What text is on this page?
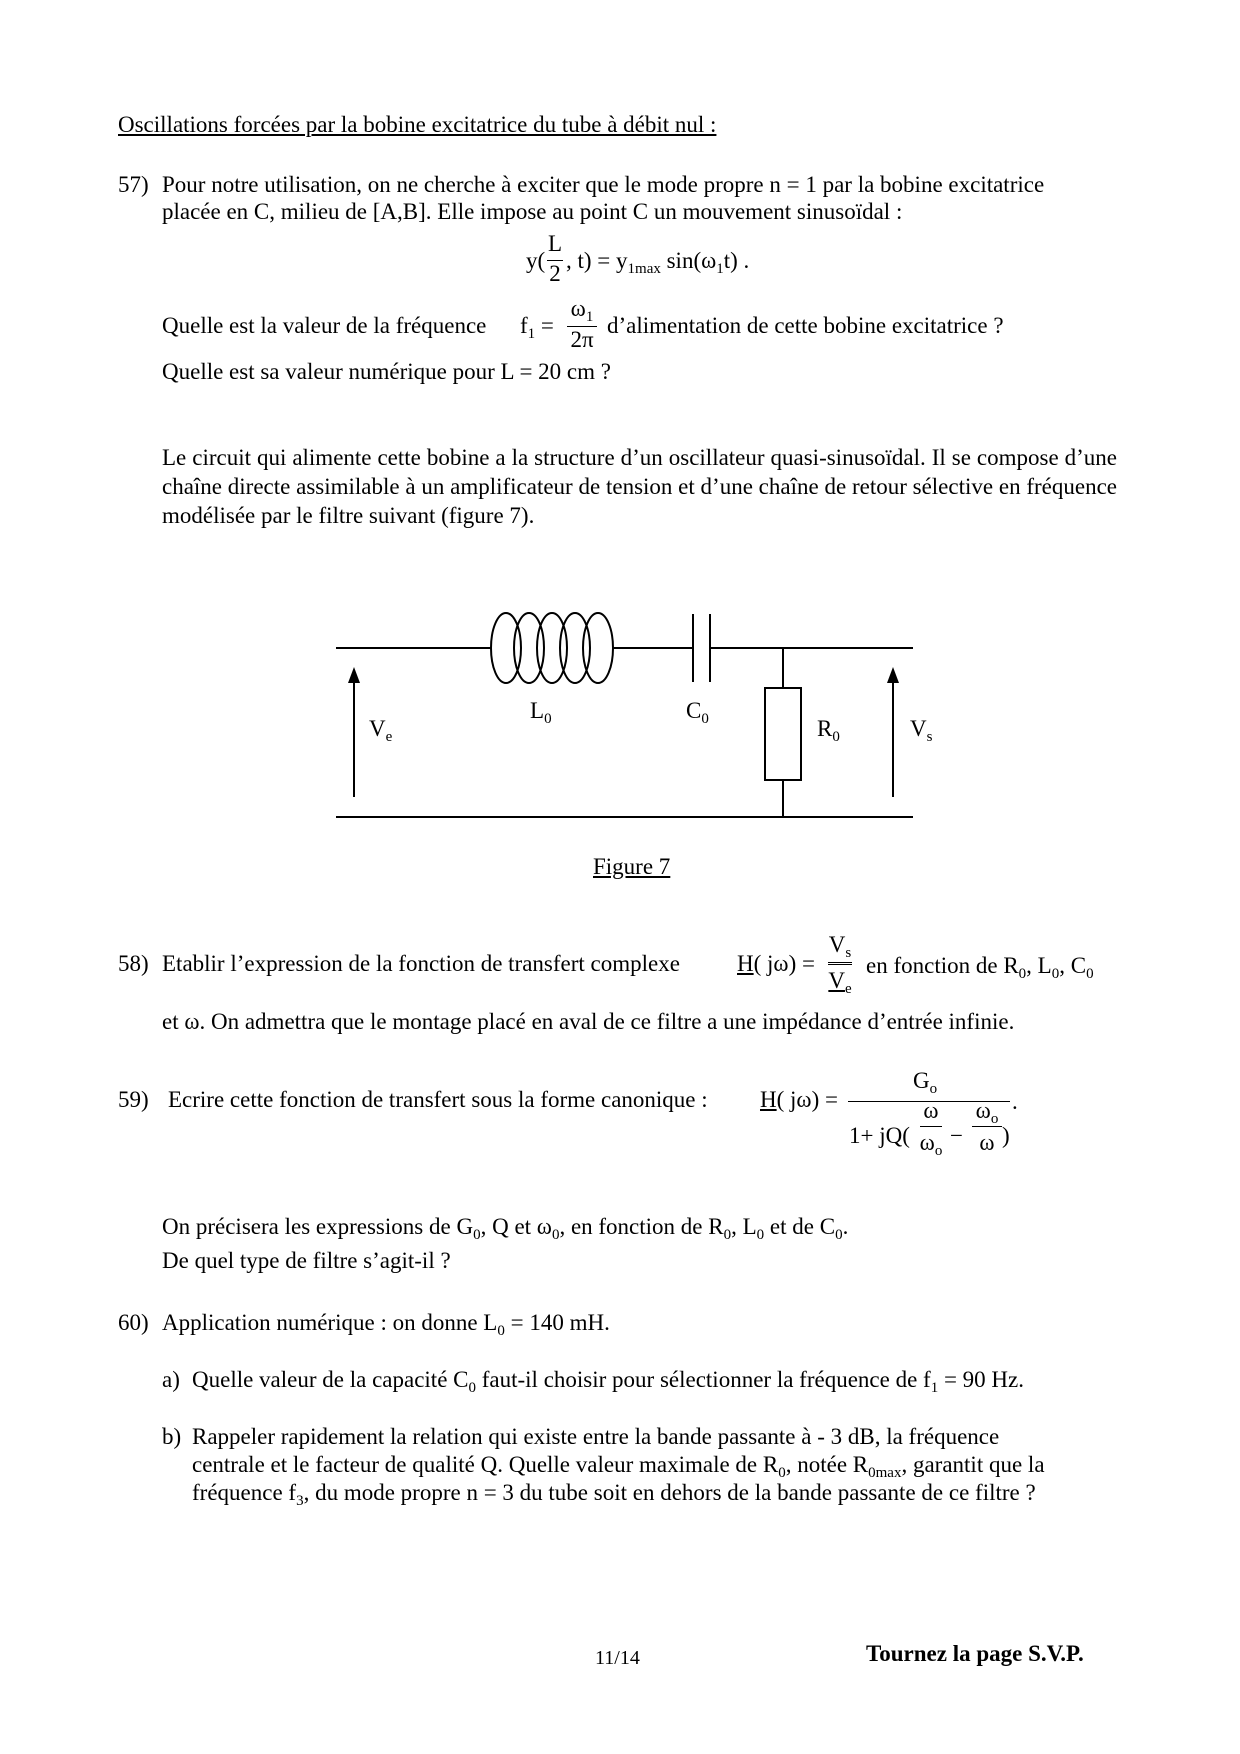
Oscillations forcées par la bobine excitatrice du tube à débit nul :
57) Pour notre utilisation, on ne cherche à exciter que le mode propre n = 1 par la bobine excitatrice
placée en C, milieu de [A,B]. Elle impose au point C un mouvement sinusoïdal :
y(
L
2
, $t) = y_{1max}$ $\sin(\omega_1t)$ .
Quelle est la valeur de la fréquence $f_1$ =
$\omega_1$
2π
d’alimentation de cette bobine excitatrice ?
Quelle est sa valeur numérique pour L = 20 cm ?
Le circuit qui alimente cette bobine a la structure d’un oscillateur quasi-sinusoïdal. Il se compose d’une chaîne directe assimilable à un amplificateur de tension et d’une chaîne de retour sélective en fréquence modélisée par le filtre suivant (figure 7).
$V_e$
$L_0$	$C_0$	$R_0$	$V_s$
Figure 7
58) Etablir l’expression de la fonction de transfert complexe H( jω) =
$V_s$
$V_e$
en fonction de $R_0$, $L_0$, $C_0$
et ω. On admettra que le montage placé en aval de ce filtre a une impédance d’entrée infinie.
59) Ecrire cette fonction de transfert sous la forme canonique : H( jω) =
$G_o$
1+ jQ(
ω
$\omega_o$
−
$\omega_o$
ω )
.
On précisera les expressions de $G_0$, Q et $\omega_0$, en fonction de $R_0$, $L_0$ et de $C_0$.
De quel type de filtre s’agit-il ?
60) Application numérique : on donne $L_0 = 140$ mH.
a) Quelle valeur de la capacité $C_0$ faut-il choisir pour sélectionner la fréquence de $f_1 = 90$ Hz.
b) Rappeler rapidement la relation qui existe entre la bande passante à - 3 dB, la fréquence
centrale et le facteur de qualité Q. Quelle valeur maximale de $R_0$, notée $R_{0max}$, garantit que la
fréquence $f_3$, du mode propre n = 3 du tube soit en dehors de la bande passante de ce filtre ?
11/14	Tournez la page S.V.P.
